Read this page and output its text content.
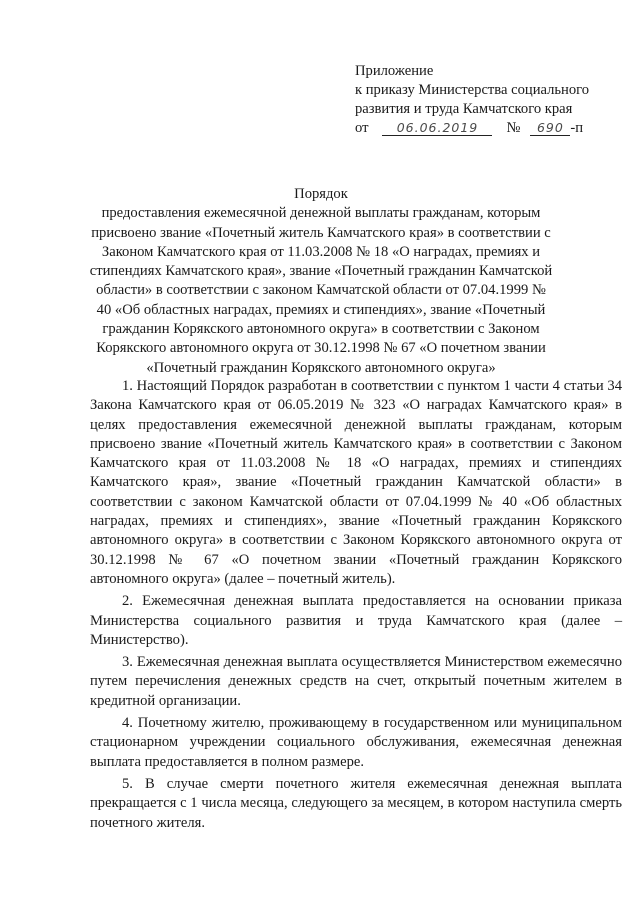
Приложение
к приказу Министерства социального
развития и труда Камчатского края
от 06.06.2019 № 690 -п
Порядок
предоставления ежемесячной денежной выплаты гражданам, которым присвоено звание «Почетный житель Камчатского края» в соответствии с Законом Камчатского края от 11.03.2008 № 18 «О наградах, премиях и стипендиях Камчатского края», звание «Почетный гражданин Камчатской области» в соответствии с законом Камчатской области от 07.04.1999 № 40 «Об областных наградах, премиях и стипендиях», звание «Почетный гражданин Корякского автономного округа» в соответствии с Законом Корякского автономного округа от 30.12.1998 № 67 «О почетном звании «Почетный гражданин Корякского автономного округа»

1. Настоящий Порядок разработан в соответствии с пунктом 1 части 4 статьи 34 Закона Камчатского края от 06.05.2019 № 323 «О наградах Камчатского края» в целях предоставления ежемесячной денежной выплаты гражданам, которым присвоено звание «Почетный житель Камчатского края» в соответствии с Законом Камчатского края от 11.03.2008 № 18 «О наградах, премиях и стипендиях Камчатского края», звание «Почетный гражданин Камчатской области» в соответствии с законом Камчатской области от 07.04.1999 № 40 «Об областных наградах, премиях и стипендиях», звание «Почетный гражданин Корякского автономного округа» в соответствии с Законом Корякского автономного округа от 30.12.1998 № 67 «О почетном звании «Почетный гражданин Корякского автономного округа» (далее – почетный житель).

2. Ежемесячная денежная выплата предоставляется на основании приказа Министерства социального развития и труда Камчатского края (далее – Министерство).

3. Ежемесячная денежная выплата осуществляется Министерством ежемесячно путем перечисления денежных средств на счет, открытый почетным жителем в кредитной организации.

4. Почетному жителю, проживающему в государственном или муниципальном стационарном учреждении социального обслуживания, ежемесячная денежная выплата предоставляется в полном размере.

5. В случае смерти почетного жителя ежемесячная денежная выплата прекращается с 1 числа месяца, следующего за месяцем, в котором наступила смерть почетного жителя.
